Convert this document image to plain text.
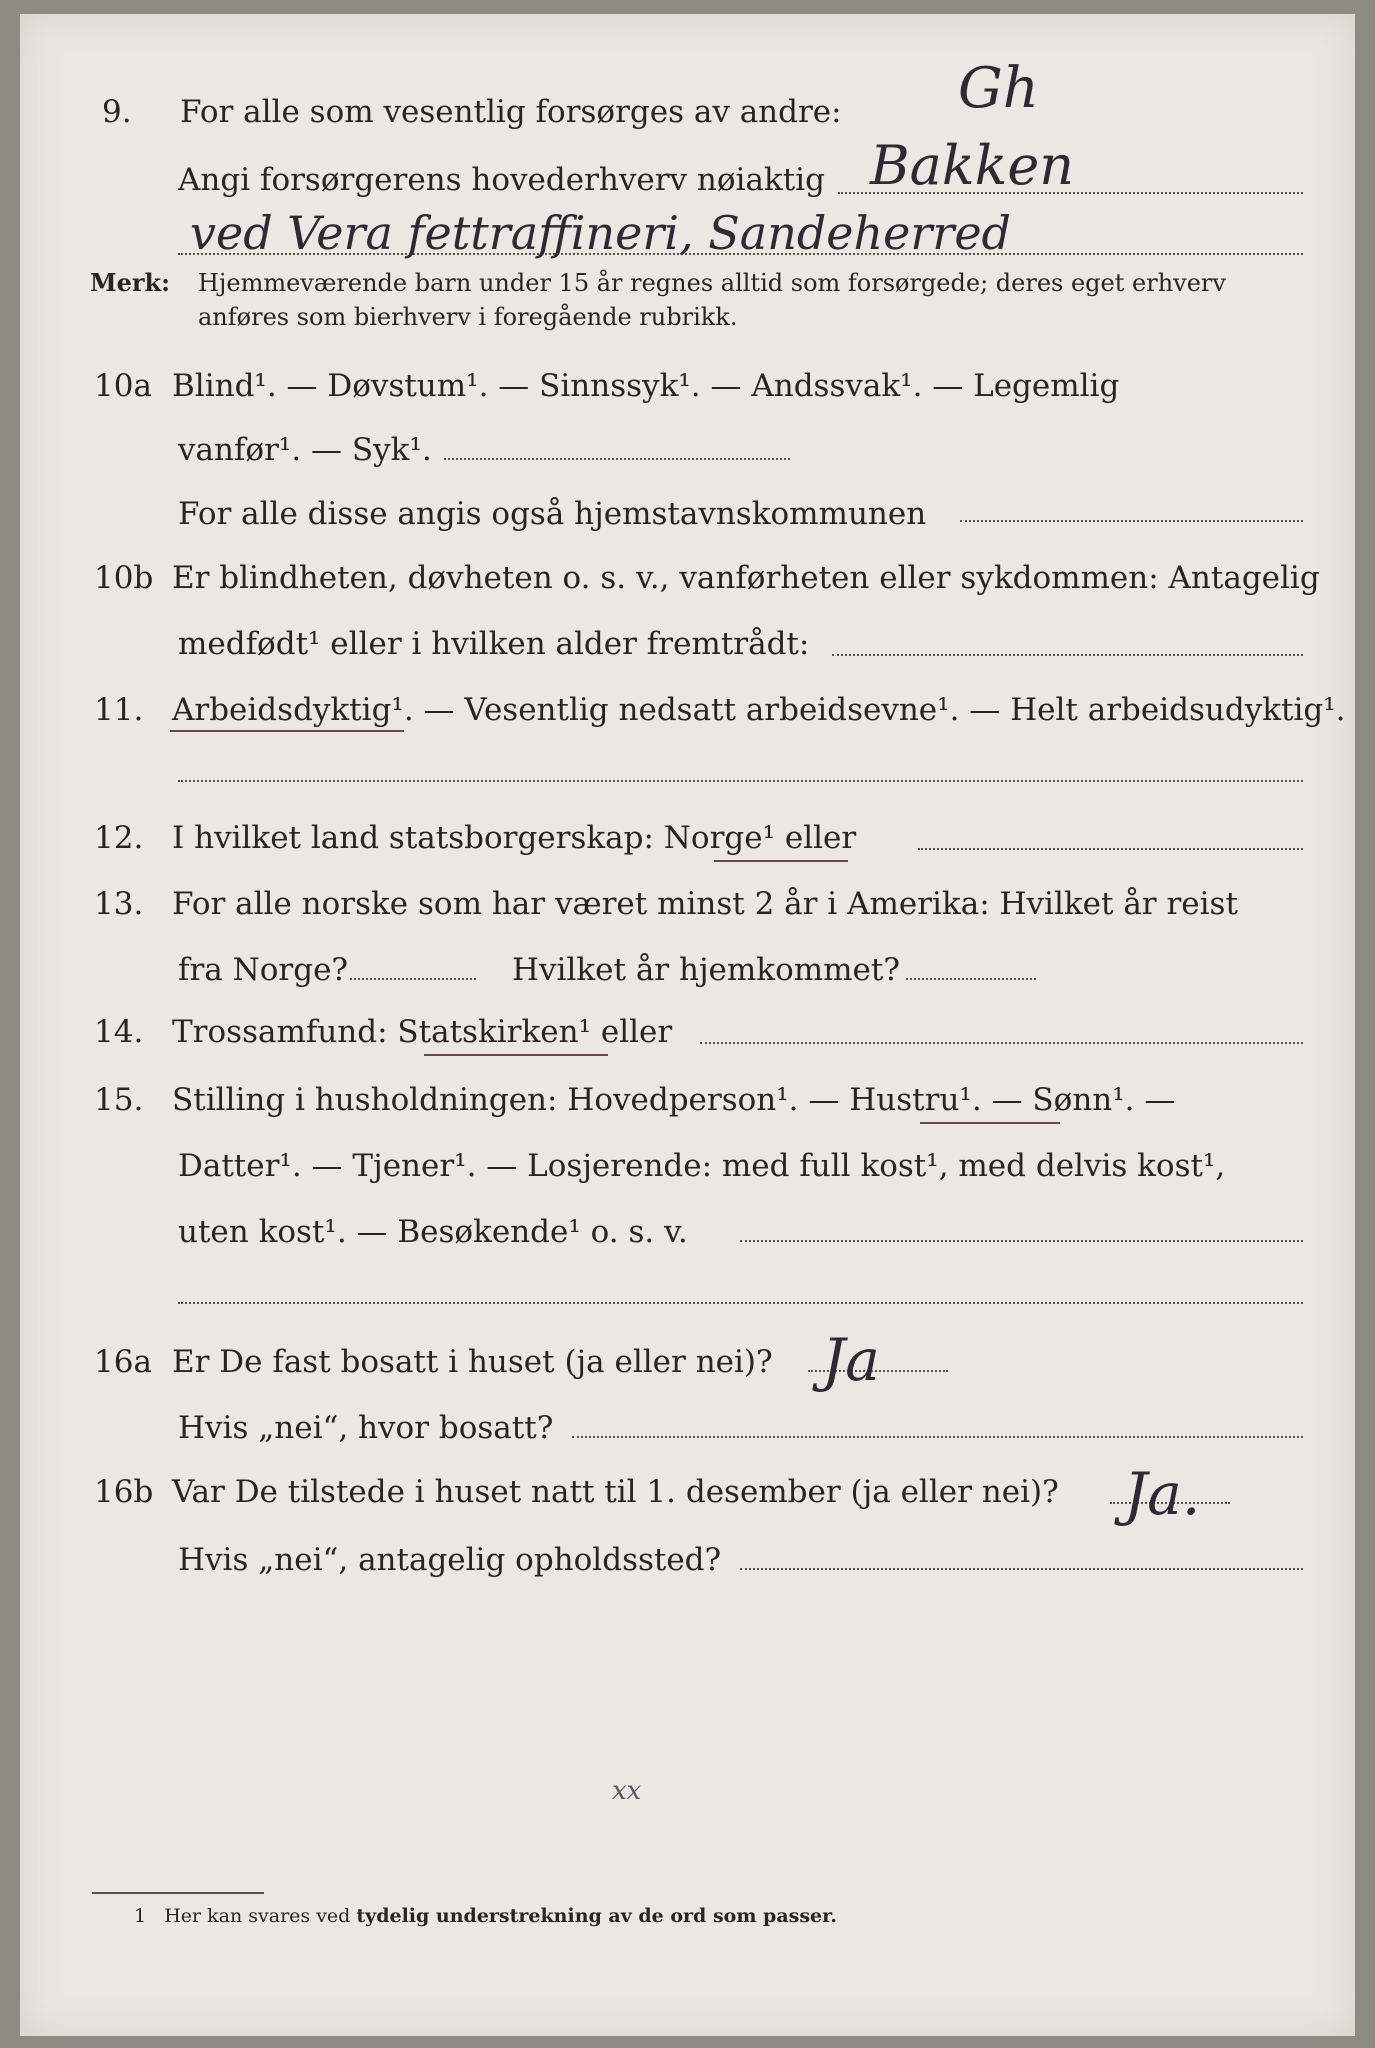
9. For alle som vesentlig forsørges av andre: Gh
Angi forsørgerens hovederhverv nøiaktig Bakken
ved Vera fettraffineri, Sandeherred
Merk: Hjemmeværende barn under 15 år regnes alltid som forsørgede; deres eget erhverv
anføres som bierhverv i foregående rubrikk.
10a Blind¹. — Døvstum¹. — Sinnssyk¹. — Andssvak¹. — Legemlig
vanfør¹. — Syk¹.
For alle disse angis også hjemstavnskommunen
10b Er blindheten, døvheten o. s. v., vanførheten eller sykdommen: Antagelig
medfødt¹ eller i hvilken alder fremtrådt:
11. Arbeidsdyktig¹. — Vesentlig nedsatt arbeidsevne¹. — Helt arbeidsudyktig¹.
12. I hvilket land statsborgerskap: Norge¹ eller
13. For alle norske som har været minst 2 år i Amerika: Hvilket år reist
fra Norge?	Hvilket år hjemkommet?
14. Trossamfund: Statskirken¹ eller
15. Stilling i husholdningen: Hovedperson¹. — Hustru¹. — Sønn¹. —
Datter¹. — Tjener¹. — Losjerende: med full kost¹, med delvis kost¹,
uten kost¹. — Besøkende¹ o. s. v.
16a Er De fast bosatt i huset (ja eller nei)? Ja
Hvis „nei“, hvor bosatt?
16b Var De tilstede i huset natt til 1. desember (ja eller nei)? Ja.
Hvis „nei“, antagelig opholdssted?
xx
1 Her kan svares ved tydelig understrekning av de ord som passer.
